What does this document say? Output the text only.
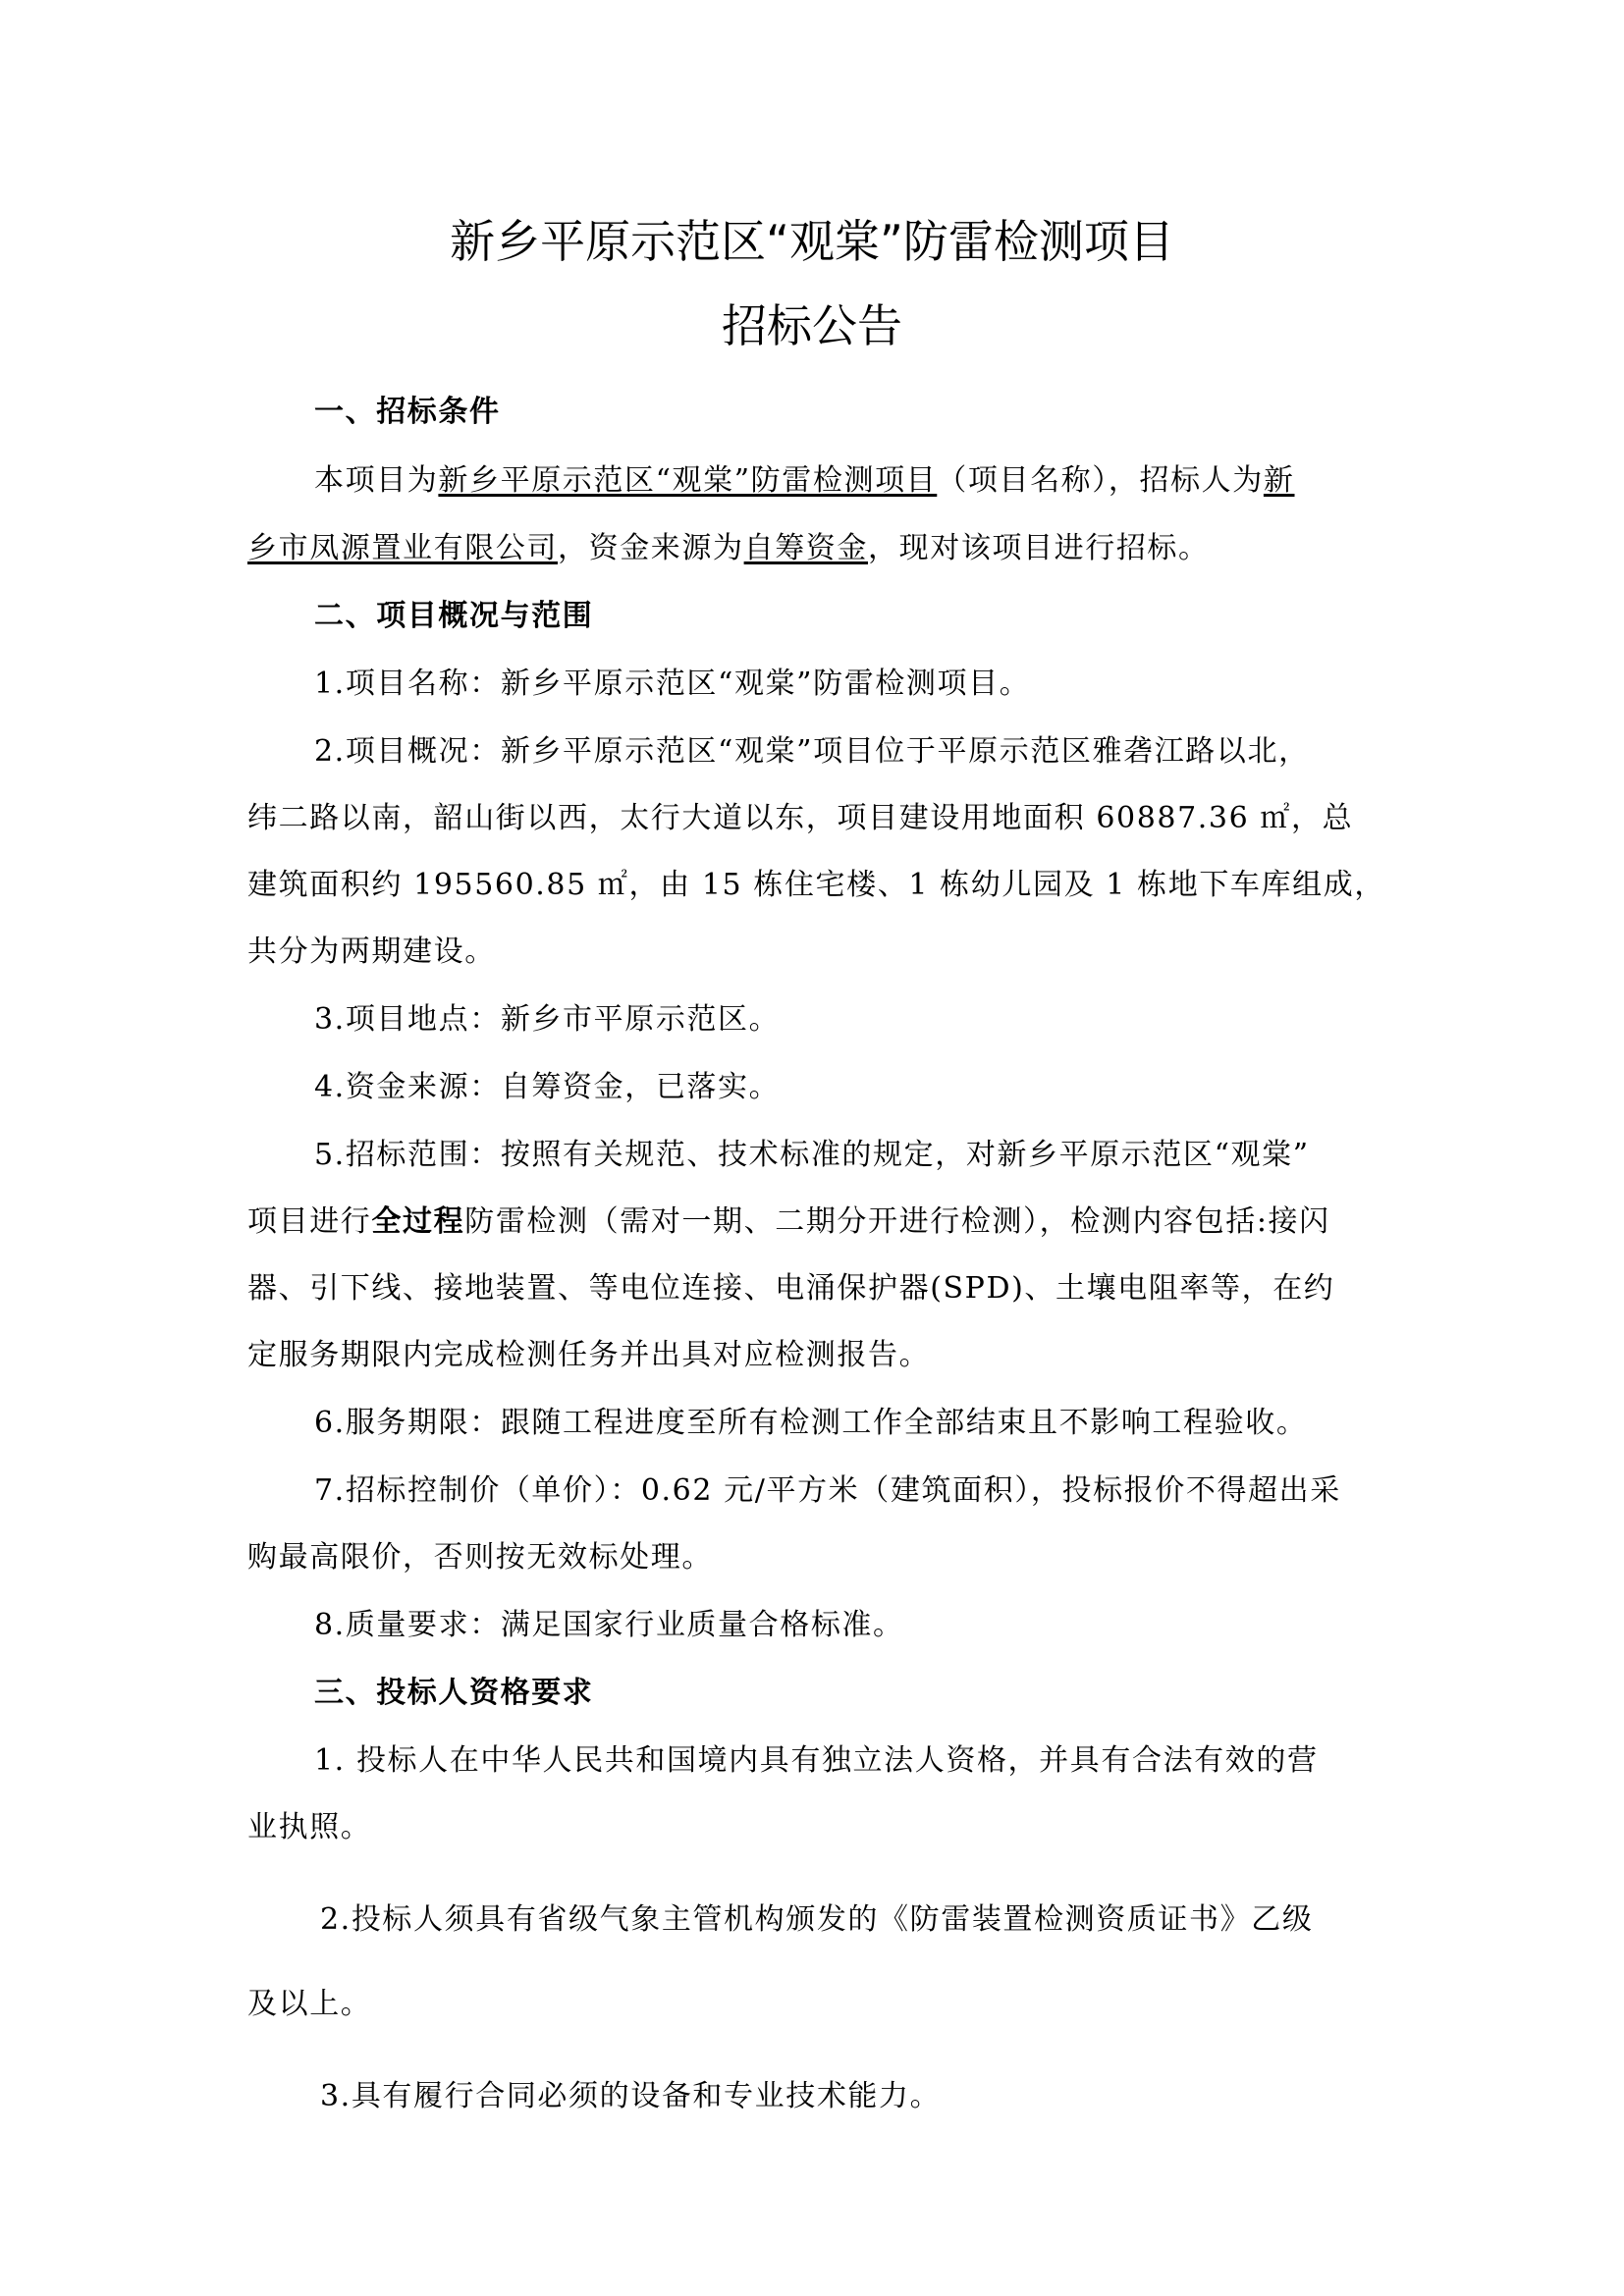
新乡平原示范区“观棠”防雷检测项目
招标公告
一、招标条件
本项目为新乡平原示范区“观棠”防雷检测项目（项目名称），招标人为新
乡市凤源置业有限公司，资金来源为自筹资金，现对该项目进行招标。
二、项目概况与范围
1.项目名称：新乡平原示范区“观棠”防雷检测项目。
2.项目概况：新乡平原示范区“观棠”项目位于平原示范区雅砻江路以北，
纬二路以南，韶山街以西，太行大道以东，项目建设用地面积 60887.36 ㎡，总
建筑面积约 195560.85 ㎡，由 15 栋住宅楼、1 栋幼儿园及 1 栋地下车库组成，
共分为两期建设。
3.项目地点：新乡市平原示范区。
4.资金来源：自筹资金，已落实。
5.招标范围：按照有关规范、技术标准的规定，对新乡平原示范区“观棠”
项目进行全过程防雷检测（需对一期、二期分开进行检测），检测内容包括:接闪
器、引下线、接地装置、等电位连接、电涌保护器(SPD)、土壤电阻率等，在约
定服务期限内完成检测任务并出具对应检测报告。
6.服务期限：跟随工程进度至所有检测工作全部结束且不影响工程验收。
7.招标控制价（单价）：0.62 元/平方米（建筑面积），投标报价不得超出采
购最高限价，否则按无效标处理。
8.质量要求：满足国家行业质量合格标准。
三、投标人资格要求
1. 投标人在中华人民共和国境内具有独立法人资格，并具有合法有效的营
业执照。
2.投标人须具有省级气象主管机构颁发的《防雷装置检测资质证书》乙级
及以上。
3.具有履行合同必须的设备和专业技术能力。
